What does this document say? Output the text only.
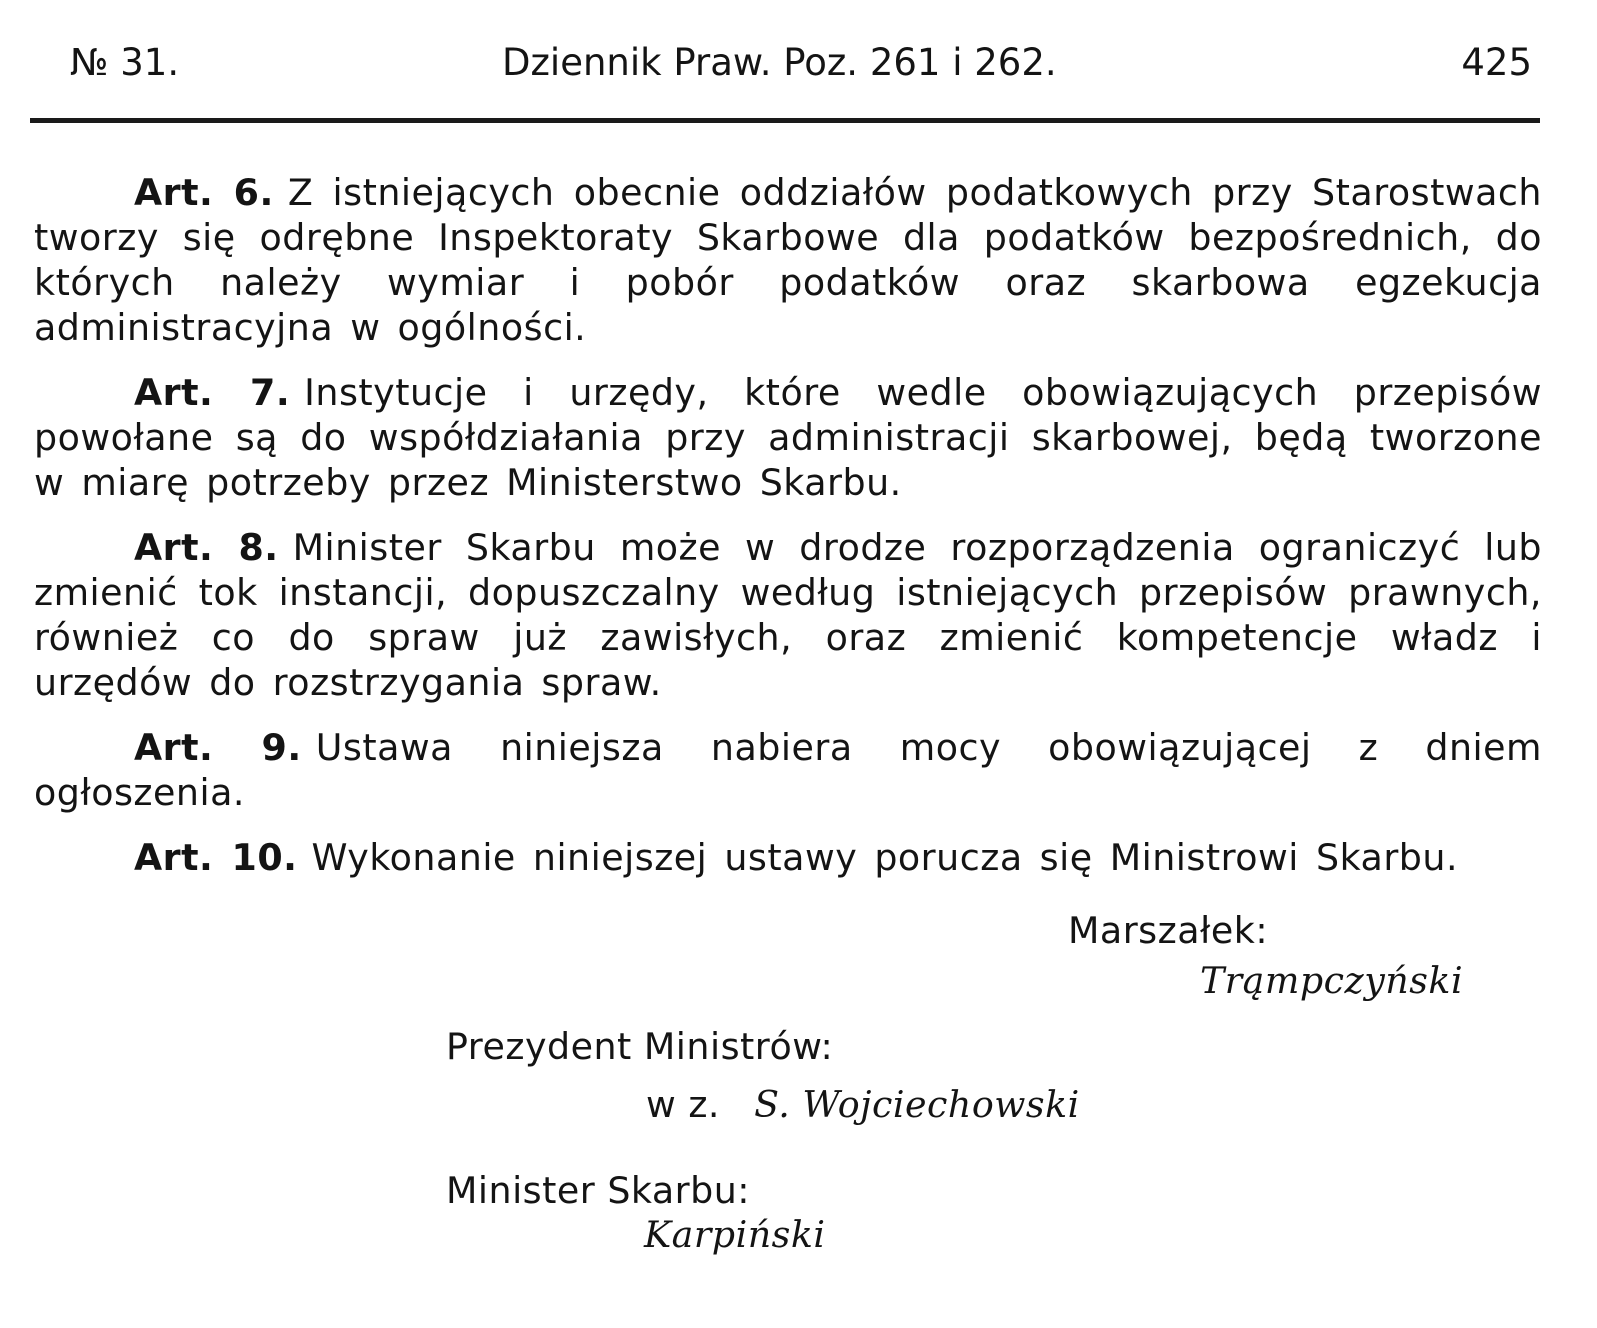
№ 31.	Dziennik Praw. Poz. 261 i 262.	425

Art. 6. Z istniejących obecnie oddziałów podatkowych przy Starostwach tworzy się odrębne Inspektoraty Skarbowe dla podatków bezpośrednich, do których należy wymiar i pobór podatków oraz skarbowa egzekucja administracyjna w ogólności.

Art. 7. Instytucje i urzędy, które wedle obowiązujących przepisów powołane są do współdziałania przy administracji skarbowej, będą tworzone w miarę potrzeby przez Ministerstwo Skarbu.

Art. 8. Minister Skarbu może w drodze rozporządzenia ograniczyć lub zmienić tok instancji, dopuszczalny według istniejących przepisów prawnych, również co do spraw już zawisłych, oraz zmienić kompetencje władz i urzędów do rozstrzygania spraw.

Art. 9. Ustawa niniejsza nabiera mocy obowiązującej z dniem ogłoszenia.

Art. 10. Wykonanie niniejszej ustawy porucza się Ministrowi Skarbu.

Marszałek:
Trąmpczyński
Prezydent Ministrów:
w z. S. Wojciechowski
Minister Skarbu:
Karpiński
